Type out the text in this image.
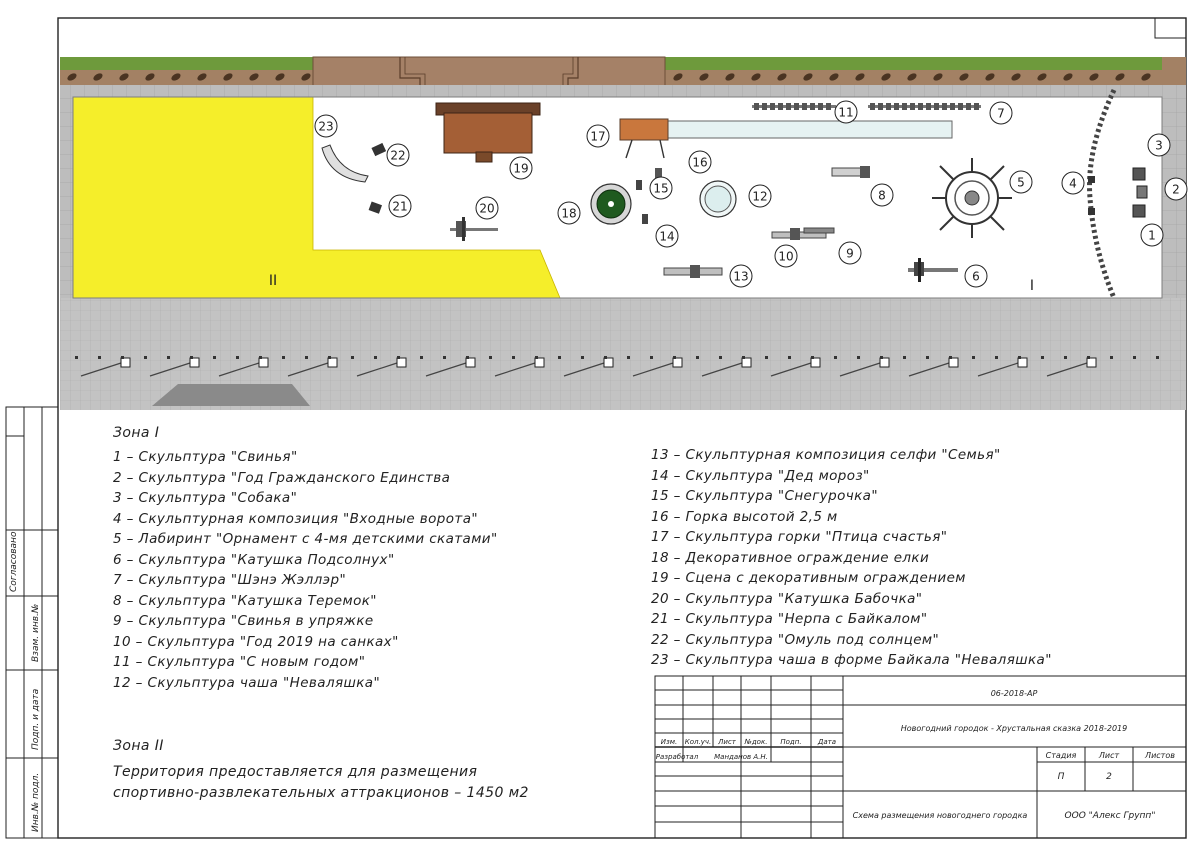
1
2
3
4
5
6
7
8
9
10
11
12
13
14
15
16
17
18
19
20
21
22
23
II	I
Согласовано
Взам. инв.№
Подп. и дата
Инв.№ подл.
06-2018-АР
Новогодний городок - Хрустальная сказка 2018-2019
Схема размещения новогоднего городка	ООО "Алекс Групп"
Изм. Кол.уч. Лист №док. Подп. Дата
Разработал Манданов А.Н.	Стадия	Лист	Листов
П	2
Зона I
1 – Скульптура "Свинья"
2 – Скульптура "Год Гражданского Единства
3 – Скульптура "Собака"
4 – Скульптурная композиция "Входные ворота"
5 – Лабиринт "Орнамент с 4-мя детскими скатами"
6 – Скульптура "Катушка Подсолнух"
7 – Скульптура "Шэнэ Жэллэр"
8 – Скульптура "Катушка Теремок"
9 – Скульптура "Свинья в упряжке
10 – Скульптура "Год 2019 на санках"
11 – Скульптура "С новым годом"
12 – Скульптура чаша "Неваляшка"
13 – Скульптурная композиция селфи "Семья"
14 – Скульптура "Дед мороз"
15 – Скульптура "Снегурочка"
16 – Горка высотой 2,5 м
17 – Скульптура горки "Птица счастья"
18 – Декоративное ограждение елки
19 – Сцена с декоративным ограждением
20 – Скульптура "Катушка Бабочка"
21 – Скульптура "Нерпа с Байкалом"
22 – Скульптура "Омуль под солнцем"
23 – Скульптура чаша в форме Байкала "Неваляшка"
Зона II
Территория предоставляется для размещения
спортивно-развлекательных аттракционов – 1450 м2
